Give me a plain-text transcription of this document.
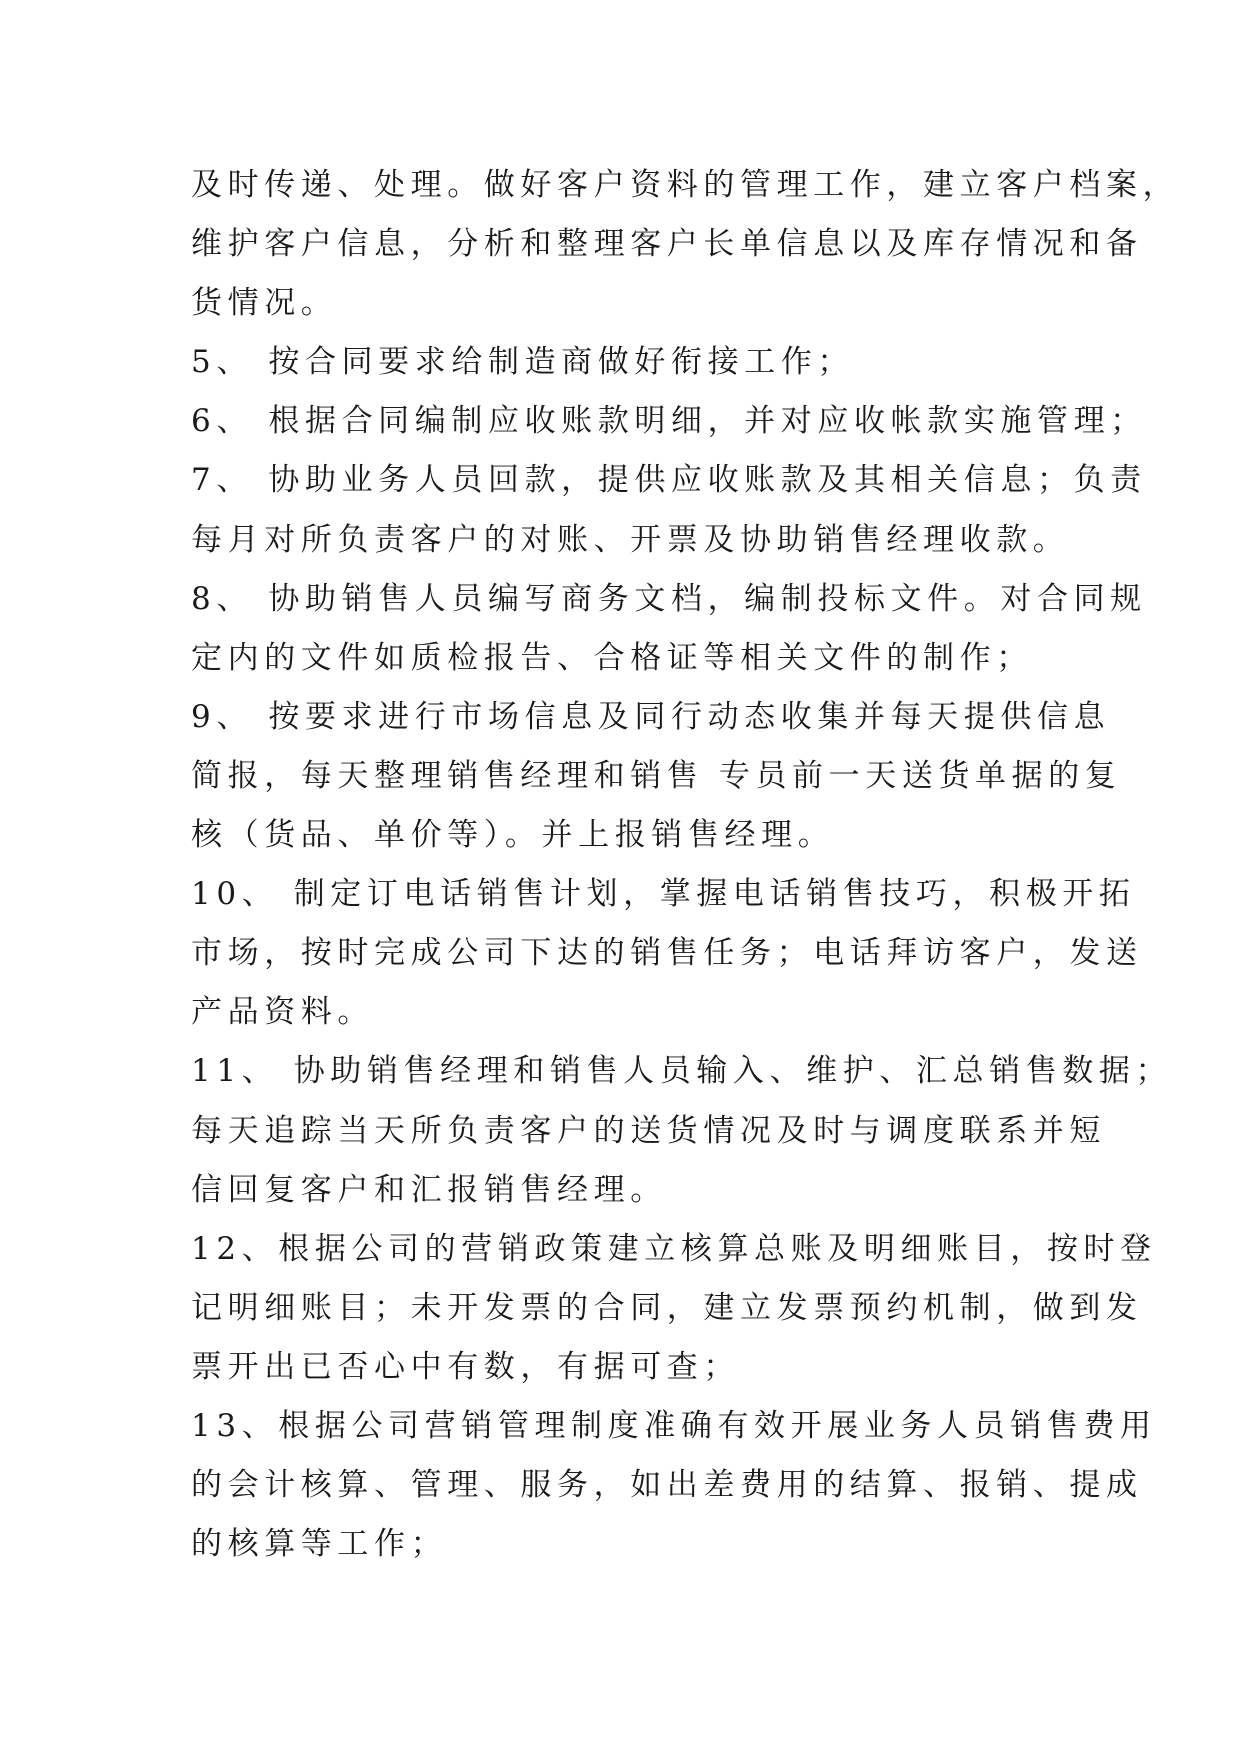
及时传递、处理。做好客户资料的管理工作，建立客户档案，
维护客户信息，分析和整理客户长单信息以及库存情况和备
货情况。
5、 按合同要求给制造商做好衔接工作；
6、 根据合同编制应收账款明细，并对应收帐款实施管理；
7、 协助业务人员回款，提供应收账款及其相关信息；负责
每月对所负责客户的对账、开票及协助销售经理收款。
8、 协助销售人员编写商务文档，编制投标文件。对合同规
定内的文件如质检报告、合格证等相关文件的制作；
9、 按要求进行市场信息及同行动态收集并每天提供信息
简报，每天整理销售经理和销售 专员前一天送货单据的复
核（货品、单价等）。并上报销售经理。
10、 制定订电话销售计划，掌握电话销售技巧，积极开拓
市场，按时完成公司下达的销售任务；电话拜访客户，发送
产品资料。
11、 协助销售经理和销售人员输入、维护、汇总销售数据；
每天追踪当天所负责客户的送货情况及时与调度联系并短
信回复客户和汇报销售经理。
12、根据公司的营销政策建立核算总账及明细账目，按时登
记明细账目；未开发票的合同，建立发票预约机制，做到发
票开出已否心中有数，有据可查；
13、根据公司营销管理制度准确有效开展业务人员销售费用
的会计核算、管理、服务，如出差费用的结算、报销、提成
的核算等工作；
